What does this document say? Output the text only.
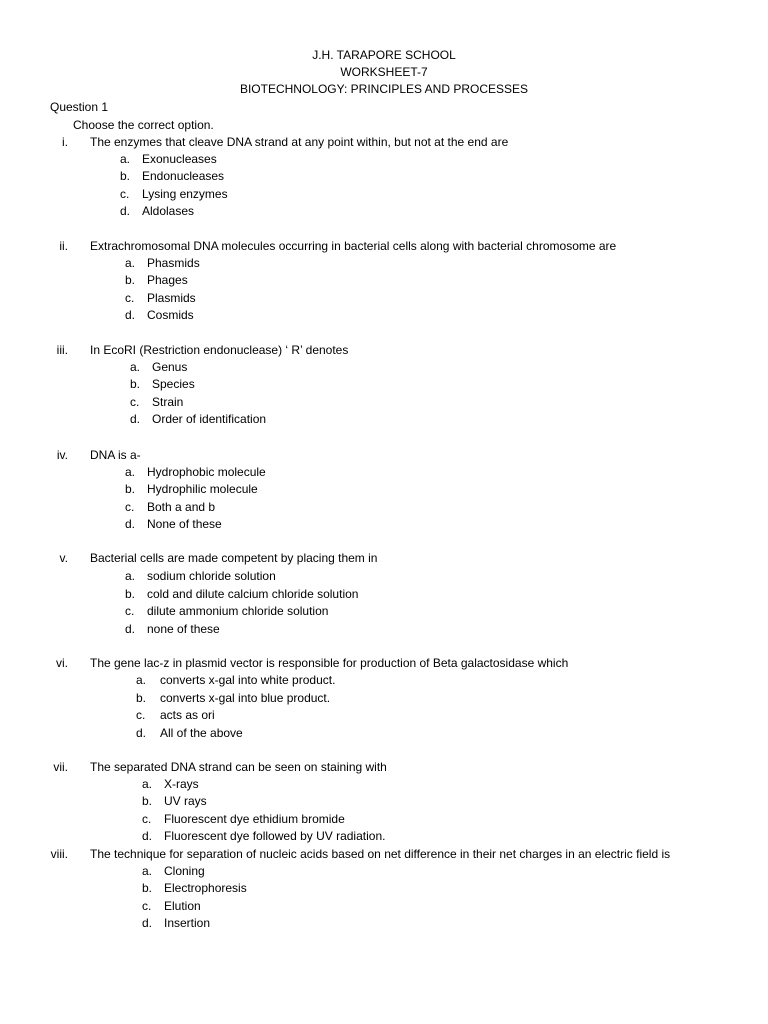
J.H. TARAPORE SCHOOL
WORKSHEET-7
BIOTECHNOLOGY: PRINCIPLES AND PROCESSES
Question 1
Choose the correct option.
i. The enzymes that cleave DNA strand at any point within, but not at the end are
a. Exonucleases
b. Endonucleases
c. Lysing enzymes
d. Aldolases
ii. Extrachromosomal DNA molecules occurring in bacterial cells along with bacterial chromosome are
a. Phasmids
b. Phages
c. Plasmids
d. Cosmids
iii. In EcoRI (Restriction endonuclease) ‘ R’ denotes
a. Genus
b. Species
c. Strain
d. Order of identification
iv. DNA is a-
a. Hydrophobic molecule
b. Hydrophilic molecule
c. Both a and b
d. None of these
v. Bacterial cells are made competent by placing them in
a. sodium chloride solution
b. cold and dilute calcium chloride solution
c. dilute ammonium chloride solution
d. none of these
vi. The gene lac-z in plasmid vector is responsible for production of Beta galactosidase which
a. converts x-gal into white product.
b. converts x-gal into blue product.
c. acts as ori
d. All of the above
vii. The separated DNA strand can be seen on staining with
a. X-rays
b. UV rays
c. Fluorescent dye ethidium bromide
d. Fluorescent dye followed by UV radiation.
viii. The technique for separation of nucleic acids based on net difference in their net charges in an electric field is
a. Cloning
b. Electrophoresis
c. Elution
d. Insertion
